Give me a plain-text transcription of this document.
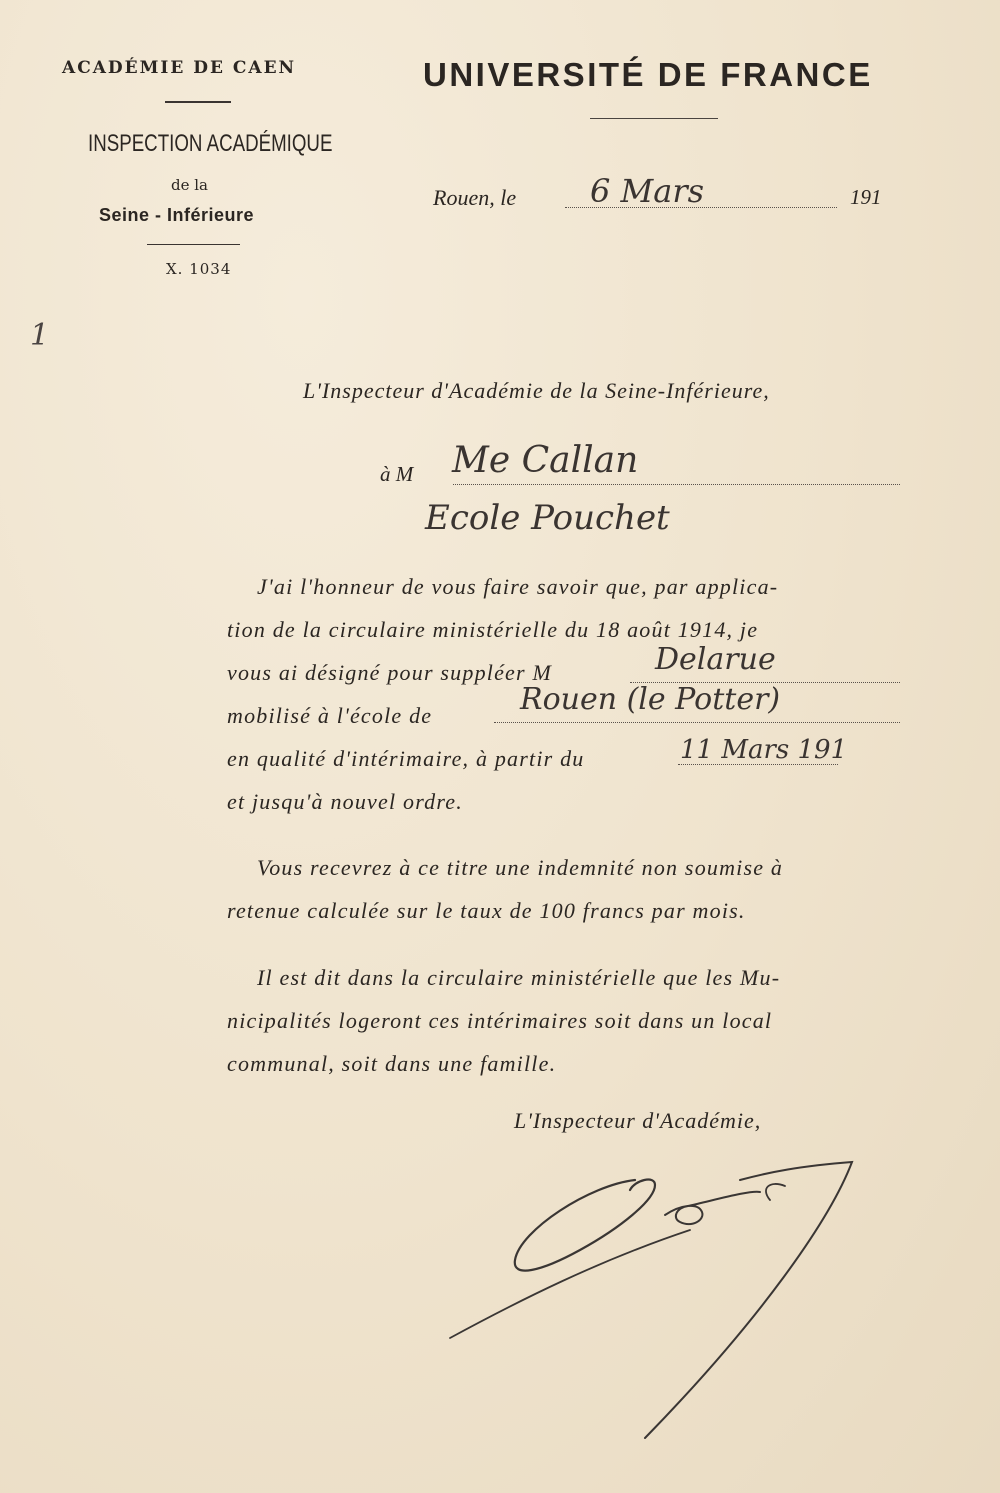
ACADÉMIE DE CAEN
INSPECTION ACADÉMIQUE
de la
Seine - Inférieure
X. 1034
UNIVERSITÉ DE FRANCE
Rouen, le 6 Mars	191
1
L'Inspecteur d'Académie de la Seine-Inférieure,
à M Me Callan
Ecole Pouchet
J'ai l'honneur de vous faire savoir que, par applica-
tion de la circulaire ministérielle du 18 août 1914, je
vous ai désigné pour suppléer M
mobilisé à l'école de
en qualité d'intérimaire, à partir du
et jusqu'à nouvel ordre.
Delarue
Rouen (le Potter)
11 Mars 191
Vous recevrez à ce titre une indemnité non soumise à
retenue calculée sur le taux de 100 francs par mois.
Il est dit dans la circulaire ministérielle que les Mu-
nicipalités logeront ces intérimaires soit dans un local
communal, soit dans une famille.
L'Inspecteur d'Académie,
